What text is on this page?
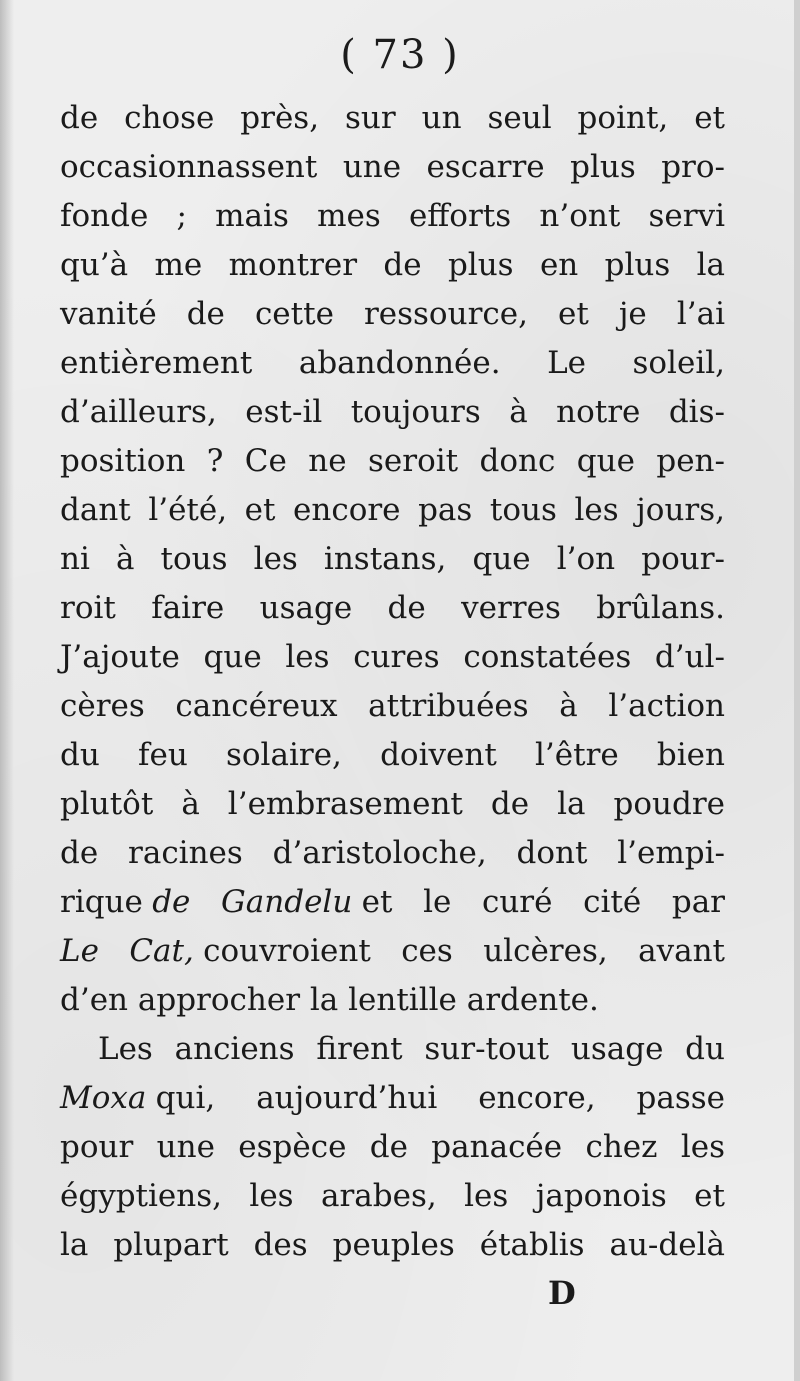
( 73 )
de chose près, sur un seul point, et
occasionnassent une escarre plus pro-
fonde ; mais mes efforts n’ont servi
qu’à me montrer de plus en plus la
vanité de cette ressource, et je l’ai
entièrement abandonnée. Le soleil,
d’ailleurs, est-il toujours à notre dis-
position ? Ce ne seroit donc que pen-
dant l’été, et encore pas tous les jours,
ni à tous les instans, que l’on pour-
roit faire usage de verres brûlans.
J’ajoute que les cures constatées d’ul-
cères cancéreux attribuées à l’action
du feu solaire, doivent l’être bien
plutôt à l’embrasement de la poudre
de racines d’aristoloche, dont l’empi-
rique de Gandelu et le curé cité par
Le Cat, couvroient ces ulcères, avant
d’en approcher la lentille ardente.
Les anciens firent sur-tout usage du
Moxa qui, aujourd’hui encore, passe
pour une espèce de panacée chez les
égyptiens, les arabes, les japonois et
la plupart des peuples établis au-delà
D
